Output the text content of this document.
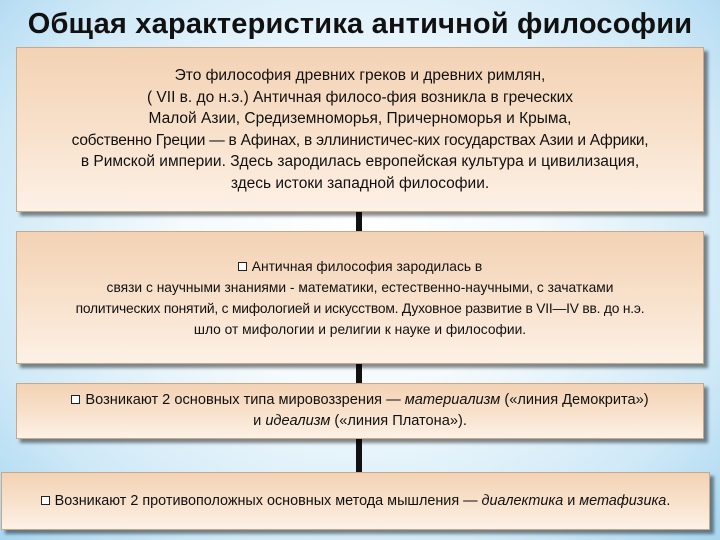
Общая характеристика античной философии
Это философия древних греков и древних римлян,
( VII в. до н.э.) Античная филосо-фия возникла в греческих
Малой Азии, Средиземноморья, Причерноморья и Крыма,
собственно Греции — в Афинах, в эллинистичес-ких государствах Азии и Африки,
в Римской империи. Здесь зародилась европейская культура и цивилизация,
здесь истоки западной философии.
Античная философия зародилась в
связи с научными знаниями - математики, естественно-научными, с зачатками
политических понятий, с мифологией и искусством. Духовное развитие в VII—IV вв. до н.э.
шло от мифологии и религии к науке и философии.
Возникают 2 основных типа мировоззрения — материализм («линия Демокрита»)
и идеализм («линия Платона»).
Возникают 2 противоположных основных метода мышления — диалектика и метафизика.
